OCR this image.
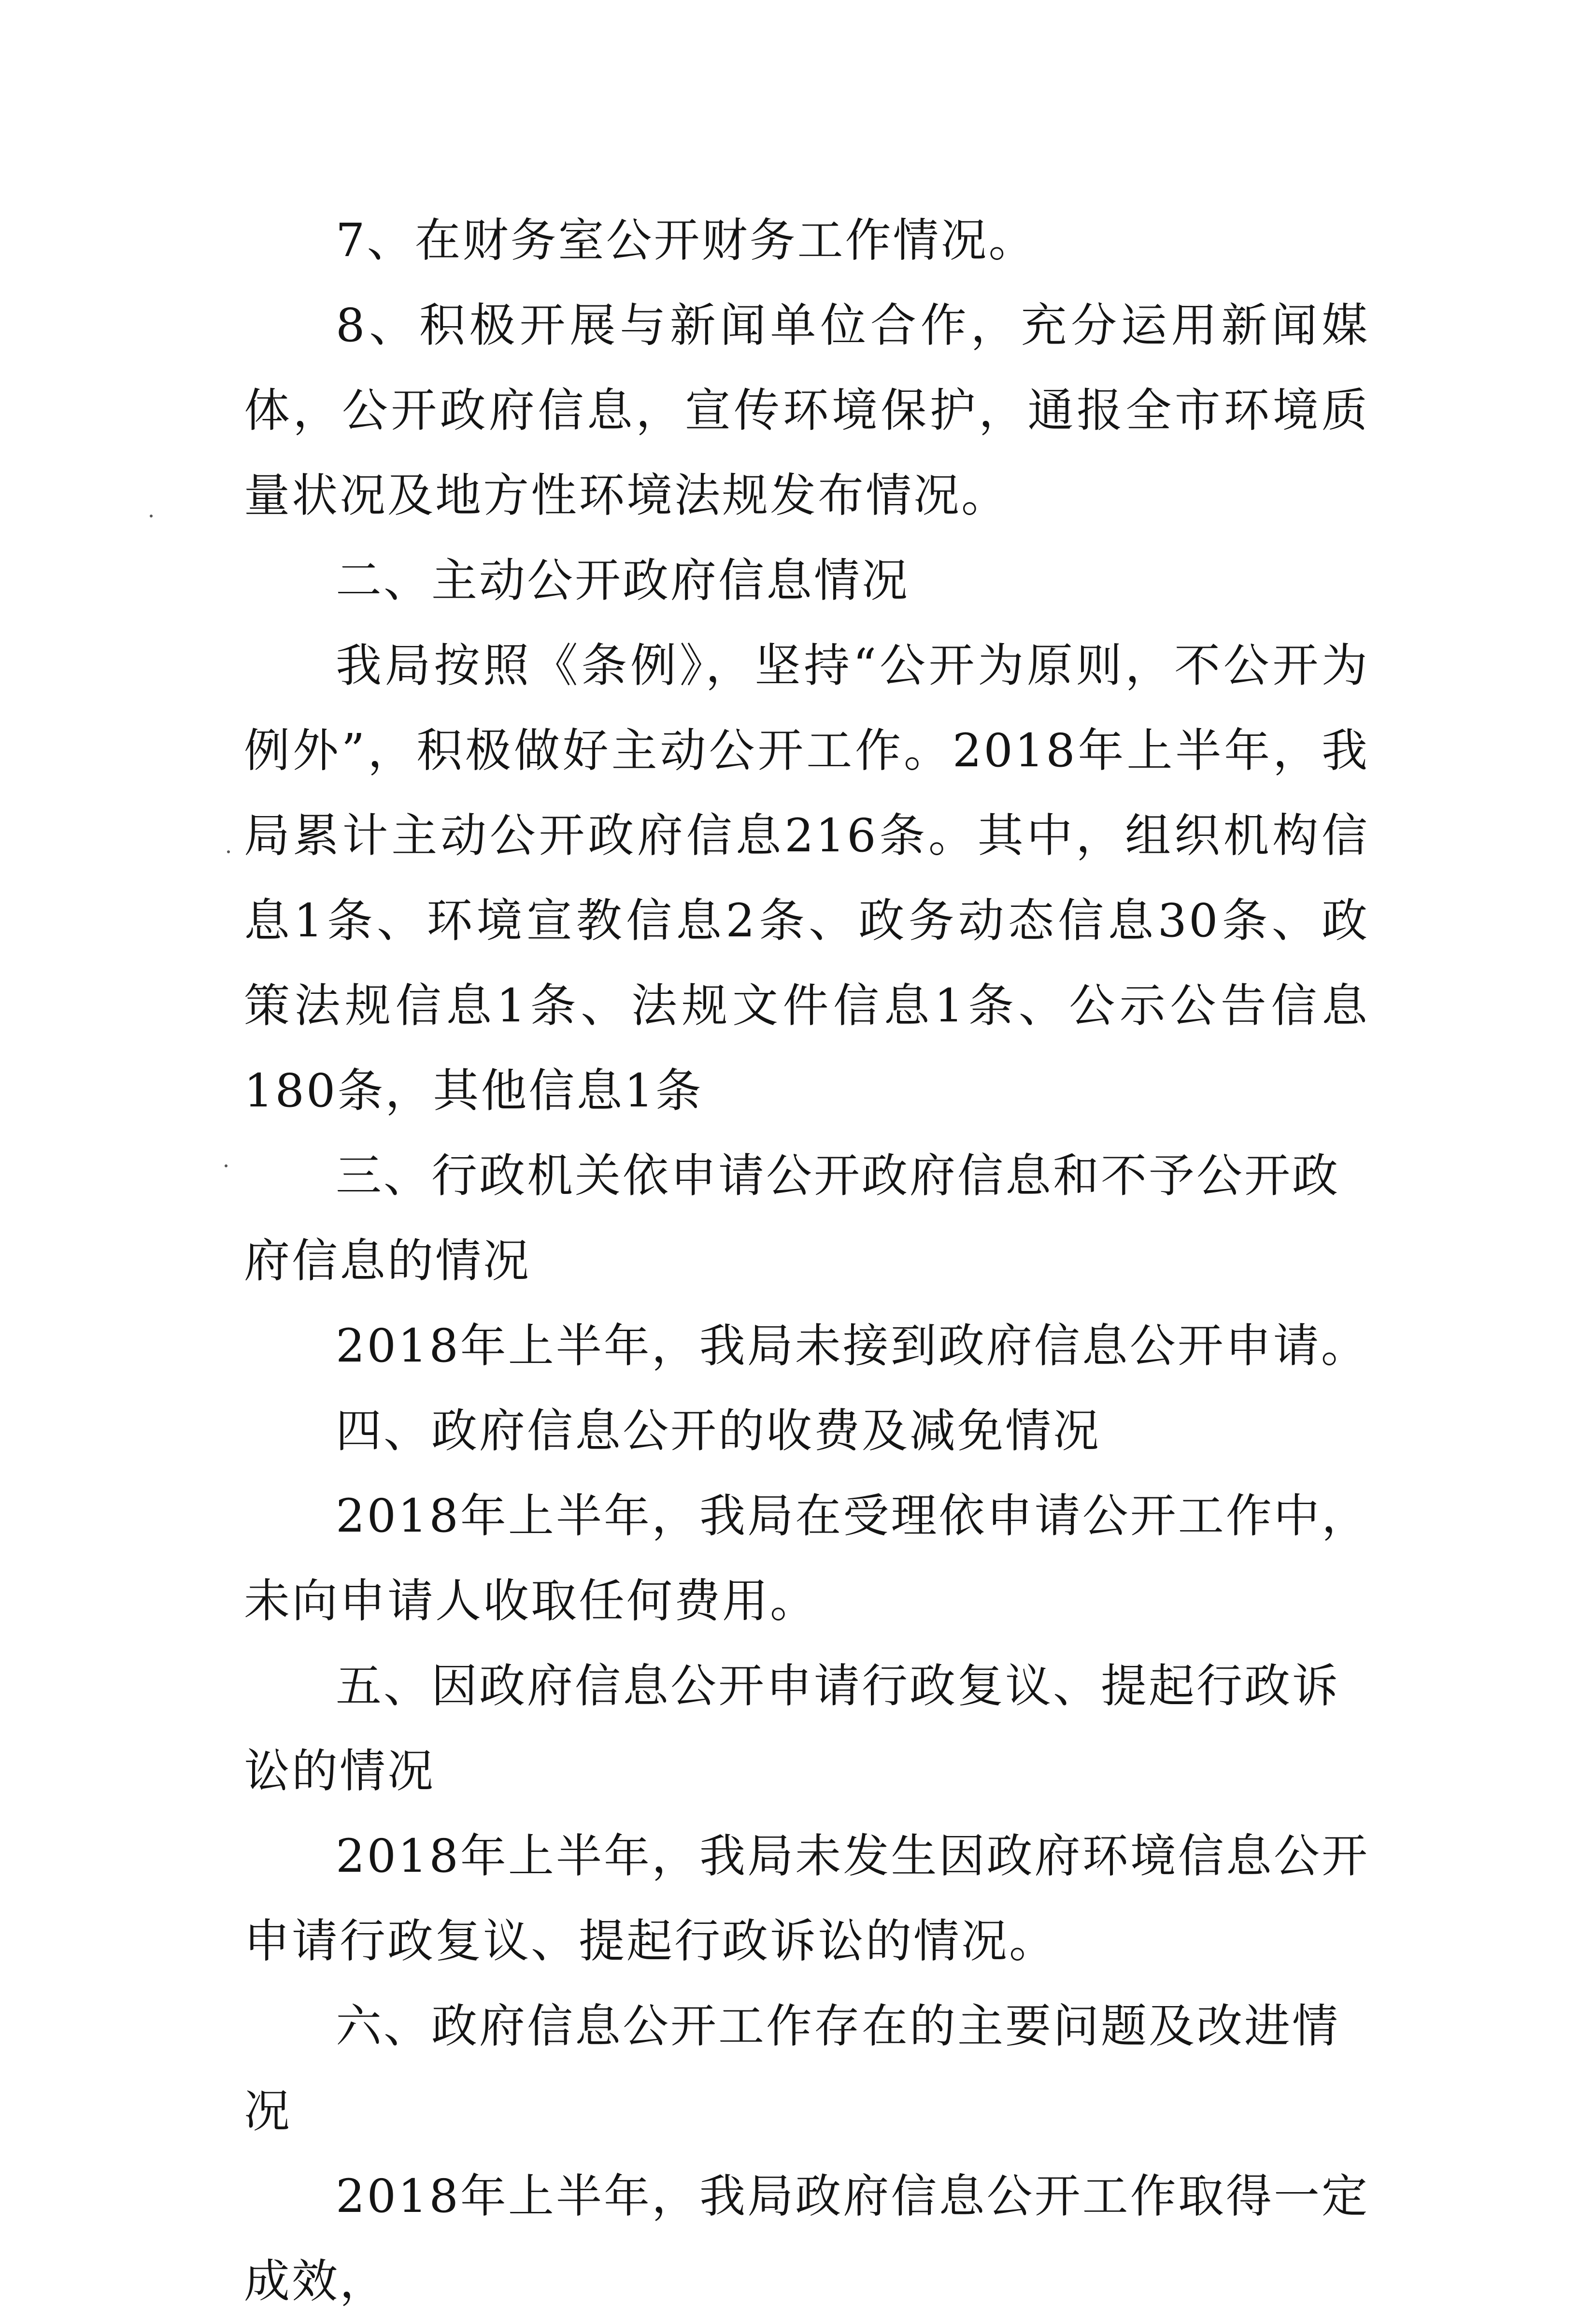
7、在财务室公开财务工作情况。

8、积极开展与新闻单位合作，充分运用新闻媒体，公开政府信息，宣传环境保护，通报全市环境质量状况及地方性环境法规发布情况。

二、主动公开政府信息情况

我局按照《条例》，坚持“公开为原则，不公开为例外”，积极做好主动公开工作。2018年上半年，我局累计主动公开政府信息216条。其中，组织机构信息1条、环境宣教信息2条、政务动态信息30条、政策法规信息1条、法规文件信息1条、公示公告信息180条，其他信息1条

三、行政机关依申请公开政府信息和不予公开政府信息的情况

2018年上半年，我局未接到政府信息公开申请。

四、政府信息公开的收费及减免情况

2018年上半年，我局在受理依申请公开工作中，未向申请人收取任何费用。

五、因政府信息公开申请行政复议、提起行政诉讼的情况

2018年上半年，我局未发生因政府环境信息公开申请行政复议、提起行政诉讼的情况。

六、政府信息公开工作存在的主要问题及改进情况

2018年上半年，我局政府信息公开工作取得一定成效，
